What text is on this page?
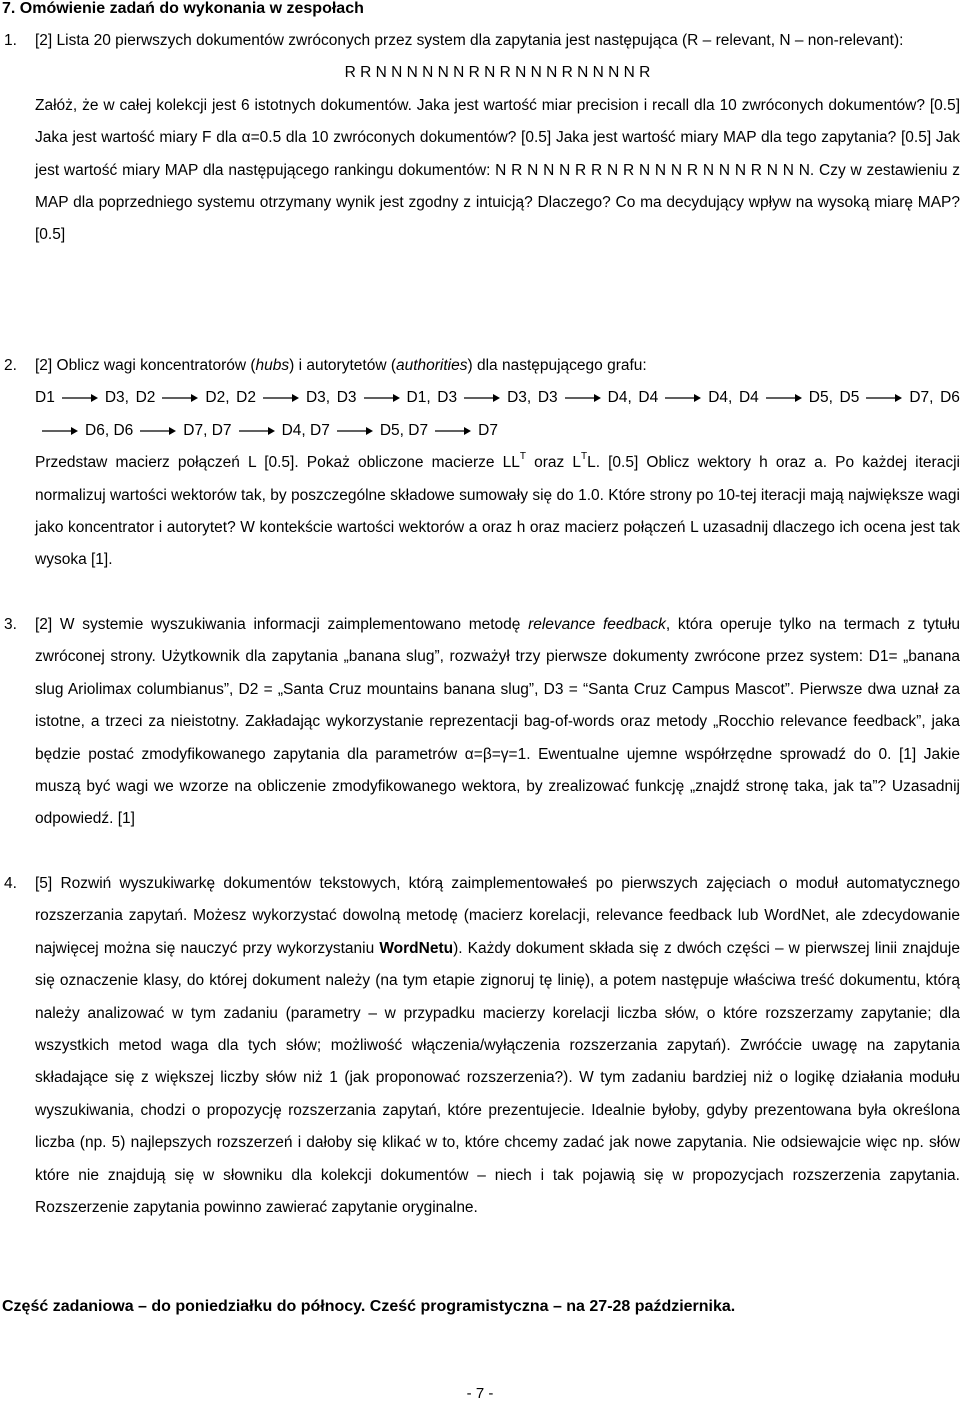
7. Omówienie zadań do wykonania w zespołach
1. [2] Lista 20 pierwszych dokumentów zwróconych przez system dla zapytania jest następująca (R – relevant, N – non-relevant):

R R N N N N N N R N R N N N R N N N N R

Załóż, że w całej kolekcji jest 6 istotnych dokumentów. Jaka jest wartość miar precision i recall dla 10 zwróconych dokumentów? [0.5] Jaka jest wartość miary F dla α=0.5 dla 10 zwróconych dokumentów? [0.5] Jaka jest wartość miary MAP dla tego zapytania? [0.5] Jak jest wartość miary MAP dla następującego rankingu dokumentów: N R N N N R R N R N N N R N N N R N N N. Czy w zestawieniu z MAP dla poprzedniego systemu otrzymany wynik jest zgodny z intuicją? Dlaczego? Co ma decydujący wpływ na wysoką miarę MAP? [0.5]

2. [2] Oblicz wagi koncentratorów (hubs) i autorytetów (authorities) dla następującego grafu:

D1	D3, D2	D2, D2	D3, D3	D1, D3	D3, D3	D4, D4	D4, D4	D5, D5	D7, D6
D6, D6	D7, D7	D4, D7	D5, D7	D7

Przedstaw macierz połączeń L [0.5]. Pokaż obliczone macierze $LL^T$ oraz $L^TL$. [0.5] Oblicz wektory h oraz a. Po każdej iteracji normalizuj wartości wektorów tak, by poszczególne składowe sumowały się do 1.0. Które strony po 10-tej iteracji mają największe wagi jako koncentrator i autorytet? W kontekście wartości wektorów a oraz h oraz macierz połączeń L uzasadnij dlaczego ich ocena jest tak wysoka [1].

3. [2] W systemie wyszukiwania informacji zaimplementowano metodę relevance feedback, która operuje tylko na termach z tytułu zwróconej strony. Użytkownik dla zapytania „banana slug”, rozważył trzy pierwsze dokumenty zwrócone przez system: D1= „banana slug Ariolimax columbianus”, D2 = „Santa Cruz mountains banana slug”, D3 = “Santa Cruz Campus Mascot”. Pierwsze dwa uznał za istotne, a trzeci za nieistotny. Zakładając wykorzystanie reprezentacji bag-of-words oraz metody „Rocchio relevance feedback”, jaka będzie postać zmodyfikowanego zapytania dla parametrów α=β=γ=1. Ewentualne ujemne współrzędne sprowadź do 0. [1] Jakie muszą być wagi we wzorze na obliczenie zmodyfikowanego wektora, by zrealizować funkcję „znajdź stronę taka, jak ta”? Uzasadnij odpowiedź. [1]

4. [5] Rozwiń wyszukiwarkę dokumentów tekstowych, którą zaimplementowałeś po pierwszych zajęciach o moduł automatycznego rozszerzania zapytań. Możesz wykorzystać dowolną metodę (macierz korelacji, relevance feedback lub WordNet, ale zdecydowanie najwięcej można się nauczyć przy wykorzystaniu WordNetu). Każdy dokument składa się z dwóch części – w pierwszej linii znajduje się oznaczenie klasy, do której dokument należy (na tym etapie zignoruj tę linię), a potem następuje właściwa treść dokumentu, którą należy analizować w tym zadaniu (parametry – w przypadku macierzy korelacji liczba słów, o które rozszerzamy zapytanie; dla wszystkich metod waga dla tych słów; możliwość włączenia/wyłączenia rozszerzania zapytań). Zwróćcie uwagę na zapytania składające się z większej liczby słów niż 1 (jak proponować rozszerzenia?). W tym zadaniu bardziej niż o logikę działania modułu wyszukiwania, chodzi o propozycję rozszerzania zapytań, które prezentujecie. Idealnie byłoby, gdyby prezentowana była określona liczba (np. 5) najlepszych rozszerzeń i dałoby się klikać w to, które chcemy zadać jak nowe zapytania. Nie odsiewajcie więc np. słów które nie znajdują się w słowniku dla kolekcji dokumentów – niech i tak pojawią się w propozycjach rozszerzenia zapytania. Rozszerzenie zapytania powinno zawierać zapytanie oryginalne.

Część zadaniowa – do poniedziałku do północy. Cześć programistyczna – na 27-28 października.
- 7 -
